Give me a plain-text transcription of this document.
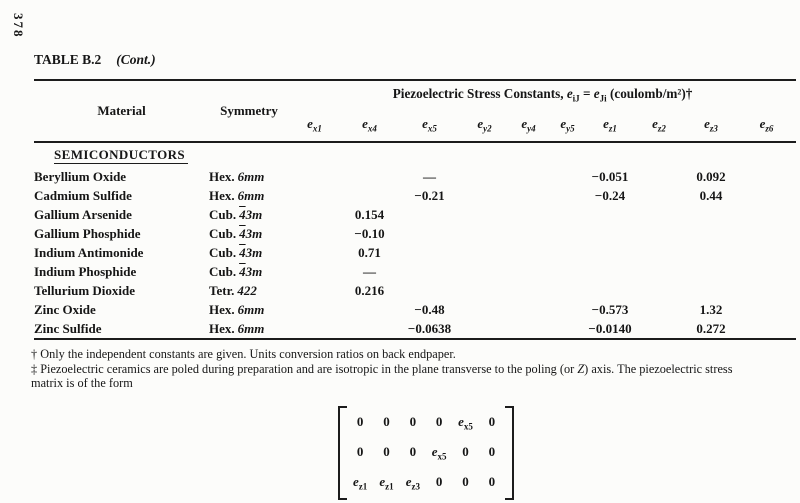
378
TABLE B.2 (Cont.)
Material	Symmetry	Piezoelectric Stress Constants, $e_{iJ} = e_{Ji}$ (coulomb/m²)†									
		$e_{x1}$	$e_{x4}$	$e_{x5}$	$e_{y2}$	$e_{y4}$	$e_{y5}$	$e_{z1}$	$e_{z2}$	$e_{z3}$	$e_{z6}$
SEMICONDUCTORS											
Beryllium Oxide	Hex. 6mm			—				−0.051		0.092	
Cadmium Sulfide	Hex. 6mm			−0.21				−0.24		0.44	
Gallium Arsenide	Cub. 43m		0.154								
Gallium Phosphide	Cub. 43m		−0.10								
Indium Antimonide	Cub. 43m		0.71								
Indium Phosphide	Cub. 43m		—								
Tellurium Dioxide	Tetr. 422		0.216								
Zinc Oxide	Hex. 6mm			−0.48				−0.573		1.32	
Zinc Sulfide	Hex. 6mm			−0.0638				−0.0140		0.272	
† Only the independent constants are given. Units conversion ratios on back endpaper.
‡ Piezoelectric ceramics are poled during preparation and are isotropic in the plane transverse to the poling (or Z) axis. The piezoelectric stress
matrix is of the form
0 0 0 0 $e_{x5}$ 0
0 0 0 $e_{x5}$ 0 0
$e_{z1}$ $e_{z1}$ $e_{z3}$ 0 0 0
